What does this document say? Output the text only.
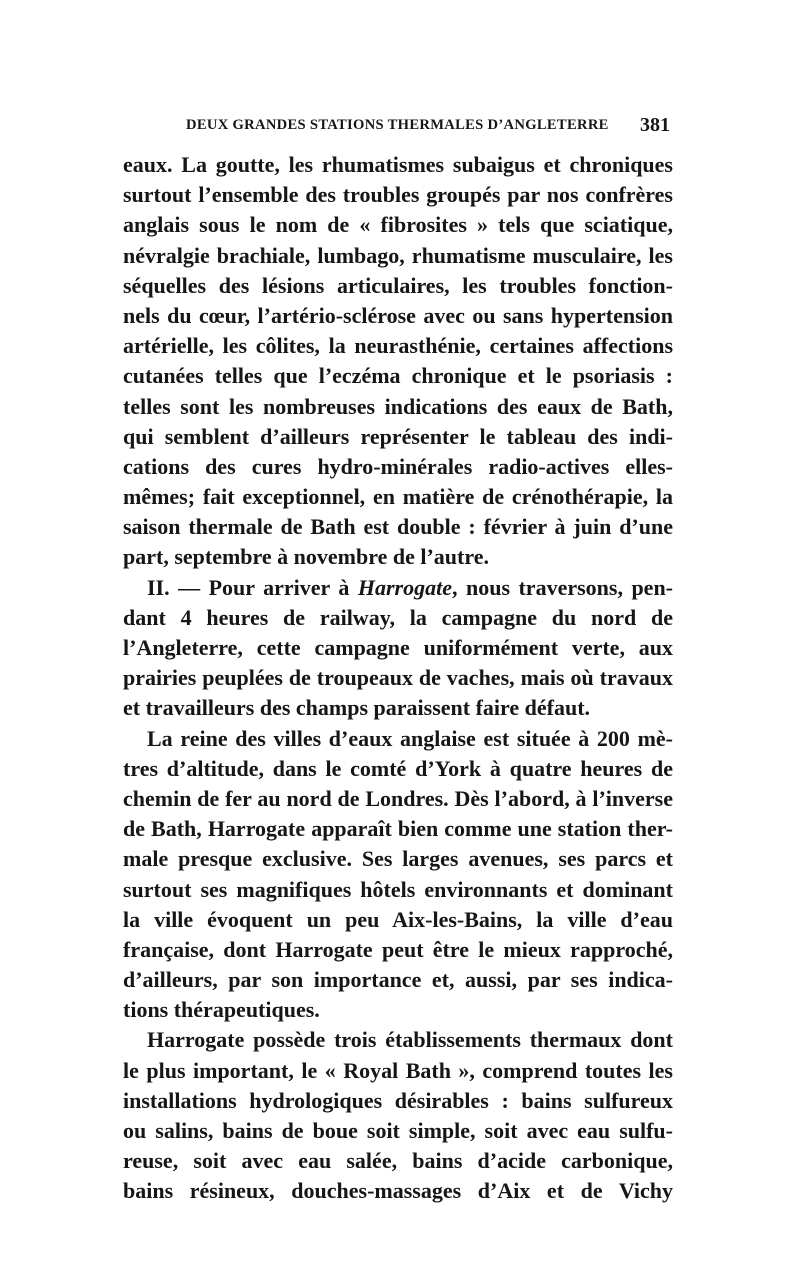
DEUX GRANDES STATIONS THERMALES D’ANGLETERRE 381
eaux. La goutte, les rhumatismes subaigus et chroniques
surtout l’ensemble des troubles groupés par nos confrères
anglais sous le nom de « fibrosites » tels que sciatique,
névralgie brachiale, lumbago, rhumatisme musculaire, les
séquelles des lésions articulaires, les troubles fonction-
nels du cœur, l’artério-sclérose avec ou sans hypertension
artérielle, les côlites, la neurasthénie, certaines affections
cutanées telles que l’eczéma chronique et le psoriasis :
telles sont les nombreuses indications des eaux de Bath,
qui semblent d’ailleurs représenter le tableau des indi-
cations des cures hydro-minérales radio-actives elles-
mêmes; fait exceptionnel, en matière de crénothérapie, la
saison thermale de Bath est double : février à juin d’une
part, septembre à novembre de l’autre.
II. — Pour arriver à Harrogate, nous traversons, pen-
dant 4 heures de railway, la campagne du nord de
l’Angleterre, cette campagne uniformément verte, aux
prairies peuplées de troupeaux de vaches, mais où travaux
et travailleurs des champs paraissent faire défaut.
La reine des villes d’eaux anglaise est située à 200 mè-
tres d’altitude, dans le comté d’York à quatre heures de
chemin de fer au nord de Londres. Dès l’abord, à l’inverse
de Bath, Harrogate apparaît bien comme une station ther-
male presque exclusive. Ses larges avenues, ses parcs et
surtout ses magnifiques hôtels environnants et dominant
la ville évoquent un peu Aix-les-Bains, la ville d’eau
française, dont Harrogate peut être le mieux rapproché,
d’ailleurs, par son importance et, aussi, par ses indica-
tions thérapeutiques.
Harrogate possède trois établissements thermaux dont
le plus important, le « Royal Bath », comprend toutes les
installations hydrologiques désirables : bains sulfureux
ou salins, bains de boue soit simple, soit avec eau sulfu-
reuse, soit avec eau salée, bains d’acide carbonique,
bains résineux, douches-massages d’Aix et de Vichy
